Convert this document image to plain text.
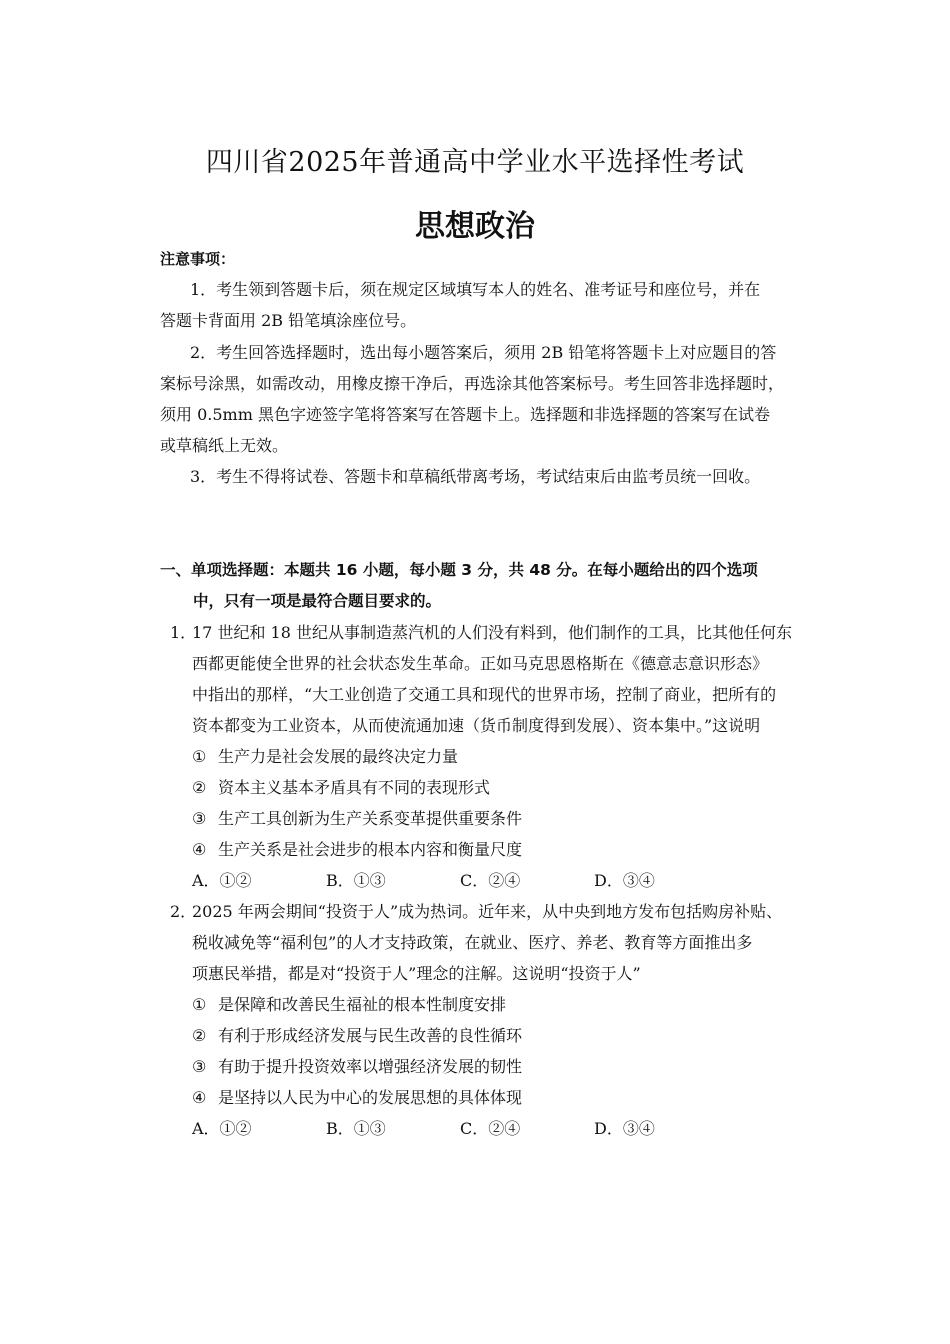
四川省2025年普通高中学业水平选择性考试
思想政治
注意事项：
1．考生领到答题卡后，须在规定区域填写本人的姓名、准考证号和座位号，并在
答题卡背面用 2B 铅笔填涂座位号。
2．考生回答选择题时，选出每小题答案后，须用 2B 铅笔将答题卡上对应题目的答
案标号涂黑，如需改动，用橡皮擦干净后，再选涂其他答案标号。考生回答非选择题时，
须用 0.5mm 黑色字迹签字笔将答案写在答题卡上。选择题和非选择题的答案写在试卷
或草稿纸上无效。
3．考生不得将试卷、答题卡和草稿纸带离考场，考试结束后由监考员统一回收。
一、单项选择题：本题共 16 小题，每小题 3 分，共 48 分。在每小题给出的四个选项
中，只有一项是最符合题目要求的。
1．17 世纪和 18 世纪从事制造蒸汽机的人们没有料到，他们制作的工具，比其他任何东
西都更能使全世界的社会状态发生革命。正如马克思恩格斯在《德意志意识形态》
中指出的那样，“大工业创造了交通工具和现代的世界市场，控制了商业，把所有的
资本都变为工业资本，从而使流通加速（货币制度得到发展）、资本集中。”这说明
① 生产力是社会发展的最终决定力量
② 资本主义基本矛盾具有不同的表现形式
③ 生产工具创新为生产关系变革提供重要条件
④ 生产关系是社会进步的根本内容和衡量尺度
A．①②	B．①③	C．②④	D．③④
2．2025 年两会期间“投资于人”成为热词。近年来，从中央到地方发布包括购房补贴、
税收减免等“福利包”的人才支持政策，在就业、医疗、养老、教育等方面推出多
项惠民举措，都是对“投资于人”理念的注解。这说明“投资于人”
① 是保障和改善民生福祉的根本性制度安排
② 有利于形成经济发展与民生改善的良性循环
③ 有助于提升投资效率以增强经济发展的韧性
④ 是坚持以人民为中心的发展思想的具体体现
A．①②	B．①③	C．②④	D．③④
